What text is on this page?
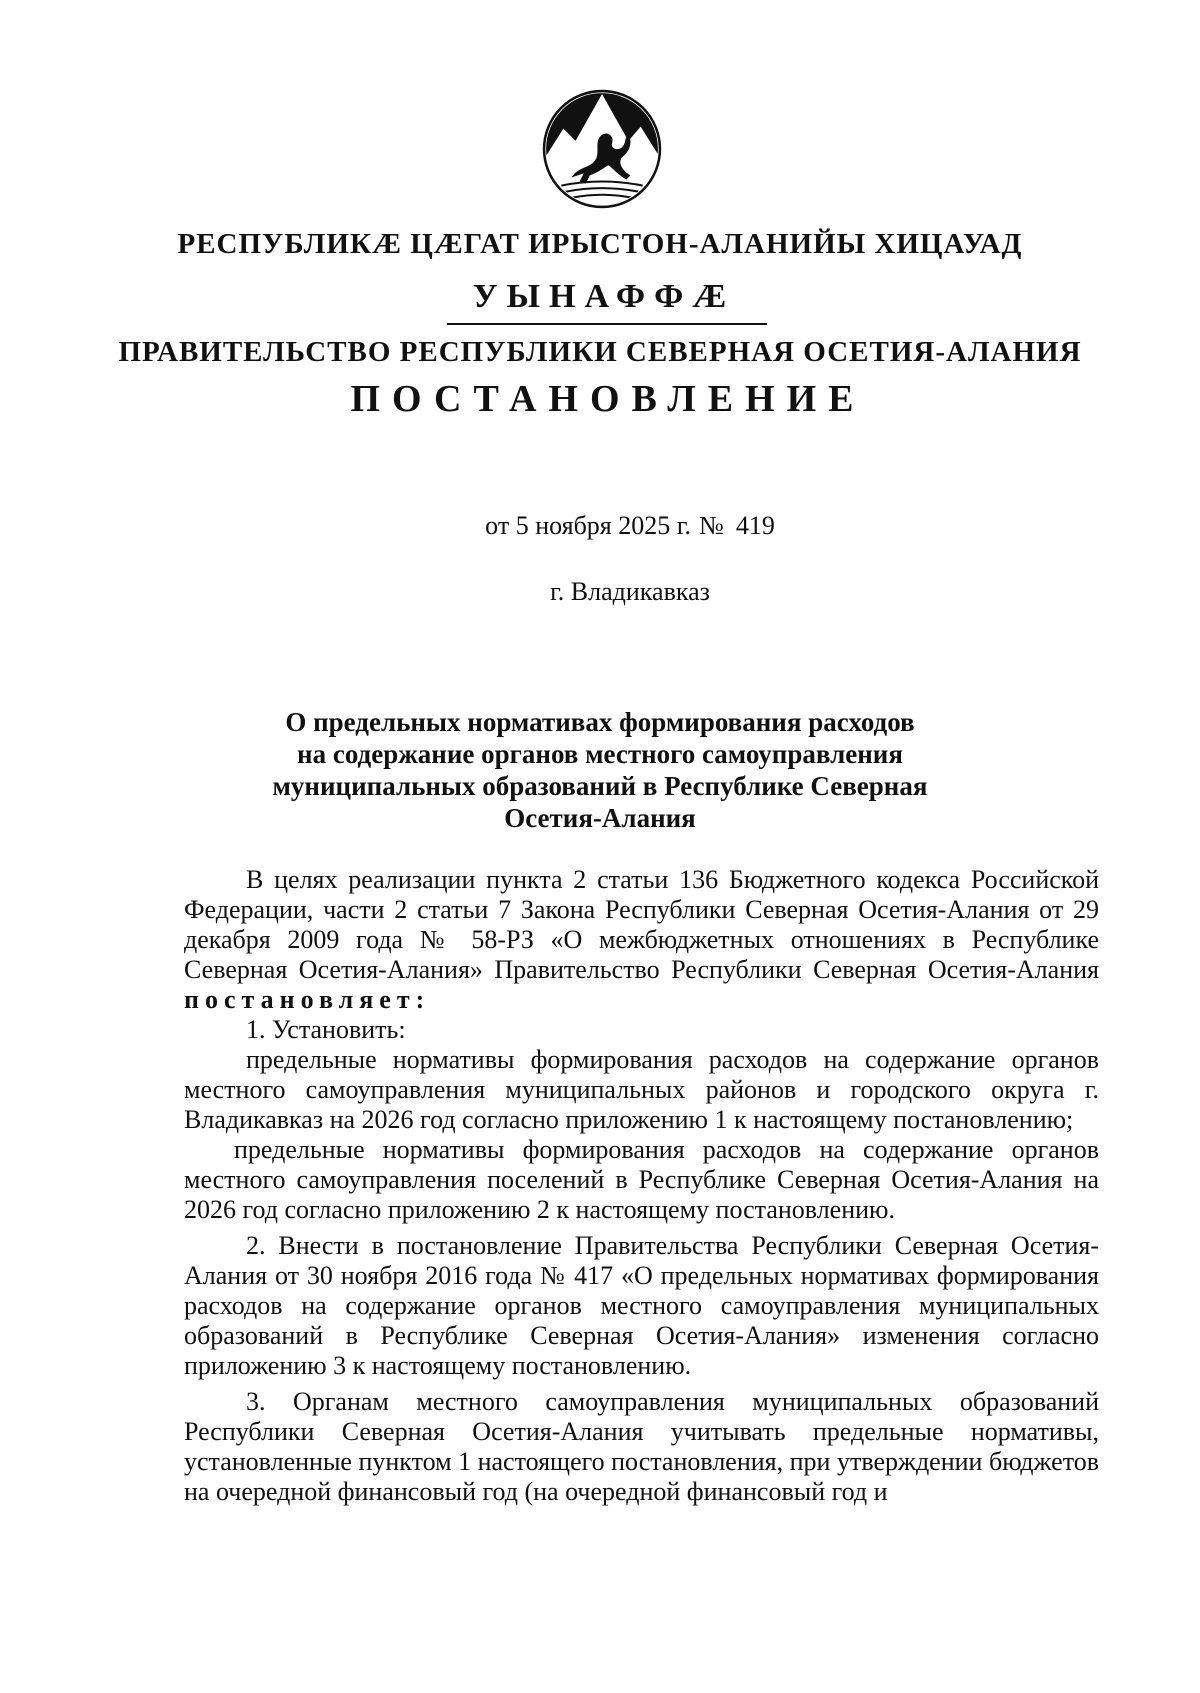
РЕСПУБЛИКÆ ЦÆГАТ ИРЫСТОН-АЛАНИЙЫ ХИЦАУАД
УЫНАФФÆ
ПРАВИТЕЛЬСТВО РЕСПУБЛИКИ СЕВЕРНАЯ ОСЕТИЯ-АЛАНИЯ
ПОСТАНОВЛЕНИЕ
от 5 ноября 2025 г. № 419
г. Владикавказ
О предельных нормативах формирования расходов
на содержание органов местного самоуправления
муниципальных образований в Республике Северная
Осетия-Алания

В целях реализации пункта 2 статьи 136 Бюджетного кодекса Российской Федерации, части 2 статьи 7 Закона Республики Северная Осетия-Алания от 29 декабря 2009 года № 58-РЗ «О межбюджетных отношениях в Республике Северная Осетия-Алания» Правительство Республики Северная Осетия-Алания постановляет:

1. Установить:

предельные нормативы формирования расходов на содержание органов местного самоуправления муниципальных районов и городского округа г. Владикавказ на 2026 год согласно приложению 1 к настоящему постановлению;

предельные нормативы формирования расходов на содержание органов местного самоуправления поселений в Республике Северная Осетия-Алания на 2026 год согласно приложению 2 к настоящему постановлению.

2. Внести в постановление Правительства Республики Северная Осетия-Алания от 30 ноября 2016 года № 417 «О предельных нормативах формирования расходов на содержание органов местного самоуправления муниципальных образований в Республике Северная Осетия-Алания» изменения согласно приложению 3 к настоящему постановлению.

3. Органам местного самоуправления муниципальных образований Республики Северная Осетия-Алания учитывать предельные нормативы, установленные пунктом 1 настоящего постановления, при утверждении бюджетов на очередной финансовый год (на очередной финансовый год и
